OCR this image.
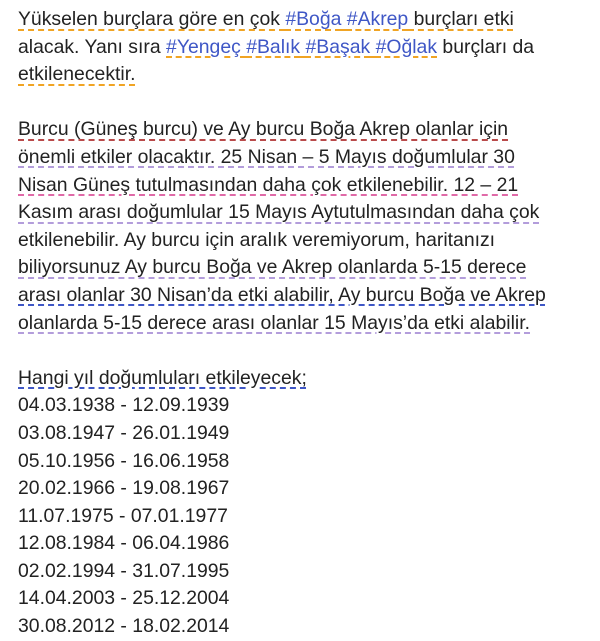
Yükselen burçlara göre en çok #Boğa #Akrep burçları etki
alacak. Yanı sıra #Yengeç #Balık #Başak #Oğlak burçları da
etkilenecektir.
Burcu (Güneş burcu) ve Ay burcu Boğa Akrep olanlar için
önemli etkiler olacaktır. 25 Nisan – 5 Mayıs doğumlular 30
Nisan Güneş tutulmasından daha çok etkilenebilir. 12 – 21
Kasım arası doğumlular 15 Mayıs Aytutulmasından daha çok
etkilenebilir. Ay burcu için aralık veremiyorum, haritanızı
biliyorsunuz Ay burcu Boğa ve Akrep olanlarda 5-15 derece
arası olanlar 30 Nisan’da etki alabilir, Ay burcu Boğa ve Akrep
olanlarda 5-15 derece arası olanlar 15 Mayıs’da etki alabilir.
Hangi yıl doğumluları etkileyecek;
04.03.1938 - 12.09.1939
03.08.1947 - 26.01.1949
05.10.1956 - 16.06.1958
20.02.1966 - 19.08.1967
11.07.1975 - 07.01.1977
12.08.1984 - 06.04.1986
02.02.1994 - 31.07.1995
14.04.2003 - 25.12.2004
30.08.2012 - 18.02.2014
